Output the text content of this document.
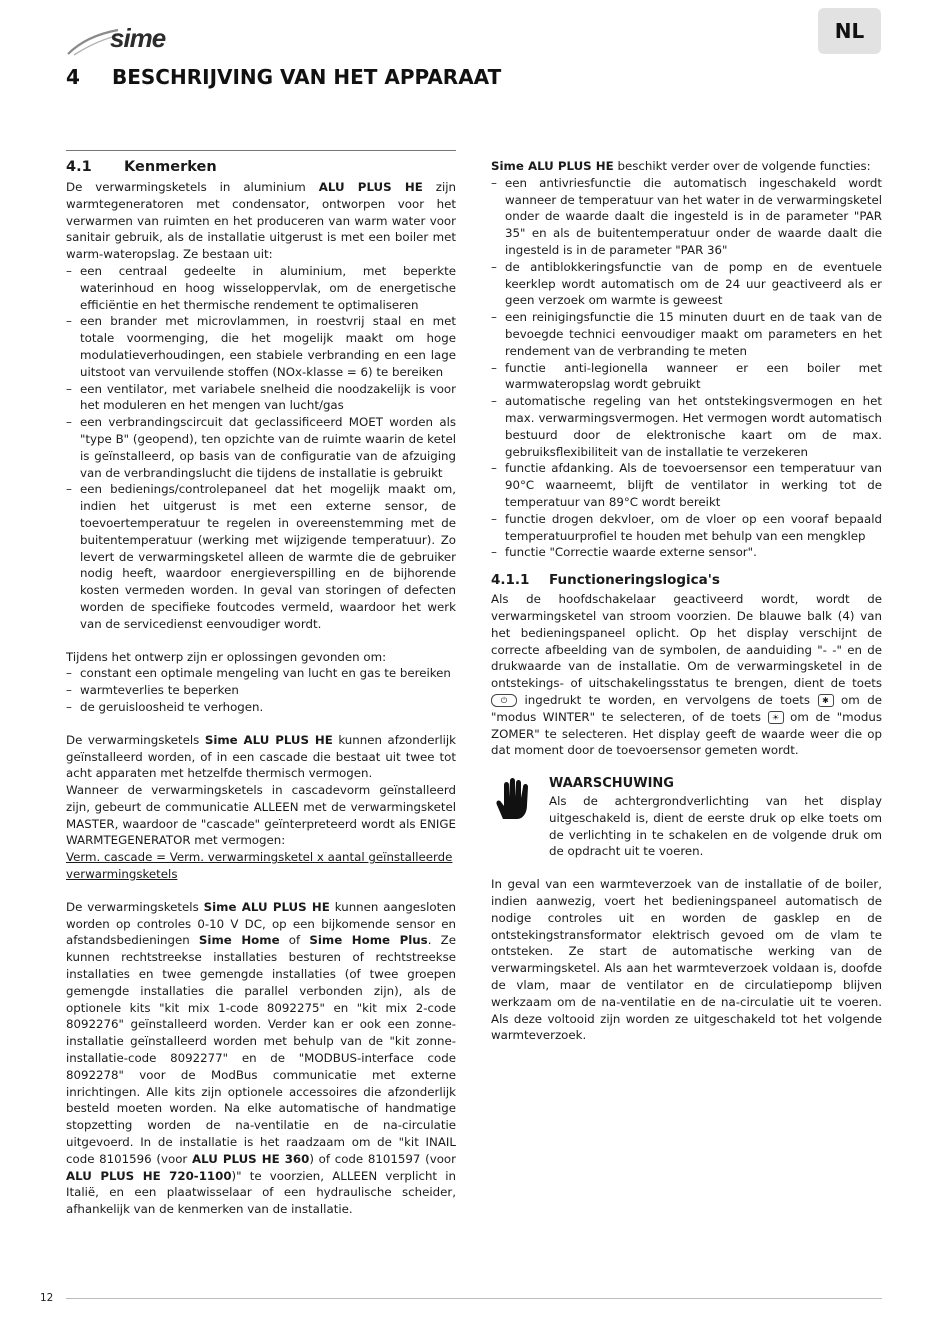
sime	NL
4 BESCHRIJVING VAN HET APPARAAT
4.1 Kenmerken

De verwarmingsketels in aluminium ALU PLUS HE zijn warmtegeneratoren met condensator, ontworpen voor het verwarmen van ruimten en het produceren van warm water voor sanitair gebruik, als de installatie uitgerust is met een boiler met warm-wateropslag. Ze bestaan uit:

– een centraal gedeelte in aluminium, met beperkte waterinhoud en hoog wisseloppervlak, om de energetische efficiëntie en het thermische rendement te optimaliseren
– een brander met microvlammen, in roestvrij staal en met totale voormenging, die het mogelijk maakt om hoge modulatieverhoudingen, een stabiele verbranding en een lage uitstoot van vervuilende stoffen (NOx-klasse = 6) te bereiken
– een ventilator, met variabele snelheid die noodzakelijk is voor het moduleren en het mengen van lucht/gas
– een verbrandingscircuit dat geclassificeerd MOET worden als "type B" (geopend), ten opzichte van de ruimte waarin de ketel is geïnstalleerd, op basis van de configuratie van de afzuiging van de verbrandingslucht die tijdens de installatie is gebruikt
– een bedienings/controlepaneel dat het mogelijk maakt om, indien het uitgerust is met een externe sensor, de toevoertemperatuur te regelen in overeenstemming met de buitentemperatuur (werking met wijzigende temperatuur). Zo levert de verwarmingsketel alleen de warmte die de gebruiker nodig heeft, waardoor energieverspilling en de bijhorende kosten vermeden worden. In geval van storingen of defecten worden de specifieke foutcodes vermeld, waardoor het werk van de servicedienst eenvoudiger wordt.

Tijdens het ontwerp zijn er oplossingen gevonden om:

– constant een optimale mengeling van lucht en gas te bereiken
– warmteverlies te beperken
– de geruisloosheid te verhogen.

De verwarmingsketels Sime ALU PLUS HE kunnen afzonderlijk geïnstalleerd worden, of in een cascade die bestaat uit twee tot acht apparaten met hetzelfde thermisch vermogen.

Wanneer de verwarmingsketels in cascadevorm geïnstalleerd zijn, gebeurt de communicatie ALLEEN met de verwarmingsketel MASTER, waardoor de "cascade" geïnterpreteerd wordt als ENIGE WARMTEGENERATOR met vermogen:

Verm. cascade = Verm. verwarmingsketel x aantal geïnstalleerde verwarmingsketels

De verwarmingsketels Sime ALU PLUS HE kunnen aangesloten worden op controles 0-10 V DC, op een bijkomende sensor en afstandsbedieningen Sime Home of Sime Home Plus. Ze kunnen rechtstreekse installaties besturen of rechtstreekse installaties en twee gemengde installaties (of twee groepen gemengde installaties die parallel verbonden zijn), als de optionele kits "kit mix 1-code 8092275" en "kit mix 2-code 8092276" geïnstalleerd worden. Verder kan er ook een zonne-installatie geïnstalleerd worden met behulp van de "kit zonne-installatie-code 8092277" en de "MODBUS-interface code 8092278" voor de ModBus communicatie met externe inrichtingen. Alle kits zijn optionele accessoires die afzonderlijk besteld moeten worden. Na elke automatische of handmatige stopzetting worden de na-ventilatie en de na-circulatie uitgevoerd. In de installatie is het raadzaam om de "kit INAIL code 8101596 (voor ALU PLUS HE 360) of code 8101597 (voor ALU PLUS HE 720-1100)" te voorzien, ALLEEN verplicht in Italië, en een plaatwisselaar of een hydraulische scheider, afhankelijk van de kenmerken van de installatie.

Sime ALU PLUS HE beschikt verder over de volgende functies:

– een antivriesfunctie die automatisch ingeschakeld wordt wanneer de temperatuur van het water in de verwarmingsketel onder de waarde daalt die ingesteld is in de parameter "PAR 35" en als de buitentemperatuur onder de waarde daalt die ingesteld is in de parameter "PAR 36"
– de antiblokkeringsfunctie van de pomp en de eventuele keerklep wordt automatisch om de 24 uur geactiveerd als er geen verzoek om warmte is geweest
– een reinigingsfunctie die 15 minuten duurt en de taak van de bevoegde technici eenvoudiger maakt om parameters en het rendement van de verbranding te meten
– functie anti-legionella wanneer er een boiler met warmwateropslag wordt gebruikt
– automatische regeling van het ontstekingsvermogen en het max. verwarmingsvermogen. Het vermogen wordt automatisch bestuurd door de elektronische kaart om de max. gebruiksflexibiliteit van de installatie te verzekeren
– functie afdanking. Als de toevoersensor een temperatuur van 90°C waarneemt, blijft de ventilator in werking tot de temperatuur van 89°C wordt bereikt
– functie drogen dekvloer, om de vloer op een vooraf bepaald temperatuurprofiel te houden met behulp van een mengklep
– functie "Correctie waarde externe sensor".
4.1.1 Functioneringslogica's

Als de hoofdschakelaar geactiveerd wordt, wordt de verwarmingsketel van stroom voorzien. De blauwe balk (4) van het bedieningspaneel oplicht. Op het display verschijnt de correcte afbeelding van de symbolen, de aanduiding "- -" en de drukwaarde van de installatie. Om de verwarmingsketel in de ontstekings- of uitschakelingsstatus te brengen, dient de toets ⏻ ingedrukt te worden, en vervolgens de toets ✱ om de "modus WINTER" te selecteren, of de toets ☀ om de "modus ZOMER" te selecteren. Het display geeft de waarde weer die op dat moment door de toevoersensor gemeten wordt.

WAARSCHUWING

Als de achtergrondverlichting van het display uitgeschakeld is, dient de eerste druk op elke toets om de verlichting in te schakelen en de volgende druk om de opdracht uit te voeren.

In geval van een warmteverzoek van de installatie of de boiler, indien aanwezig, voert het bedieningspaneel automatisch de nodige controles uit en worden de gasklep en de ontstekingstransformator elektrisch gevoed om de vlam te ontsteken. Ze start de automatische werking van de verwarmingsketel. Als aan het warmteverzoek voldaan is, doofde de vlam, maar de ventilator en de circulatiepomp blijven werkzaam om de na-ventilatie en de na-circulatie uit te voeren. Als deze voltooid zijn worden ze uitgeschakeld tot het volgende warmteverzoek.

12
